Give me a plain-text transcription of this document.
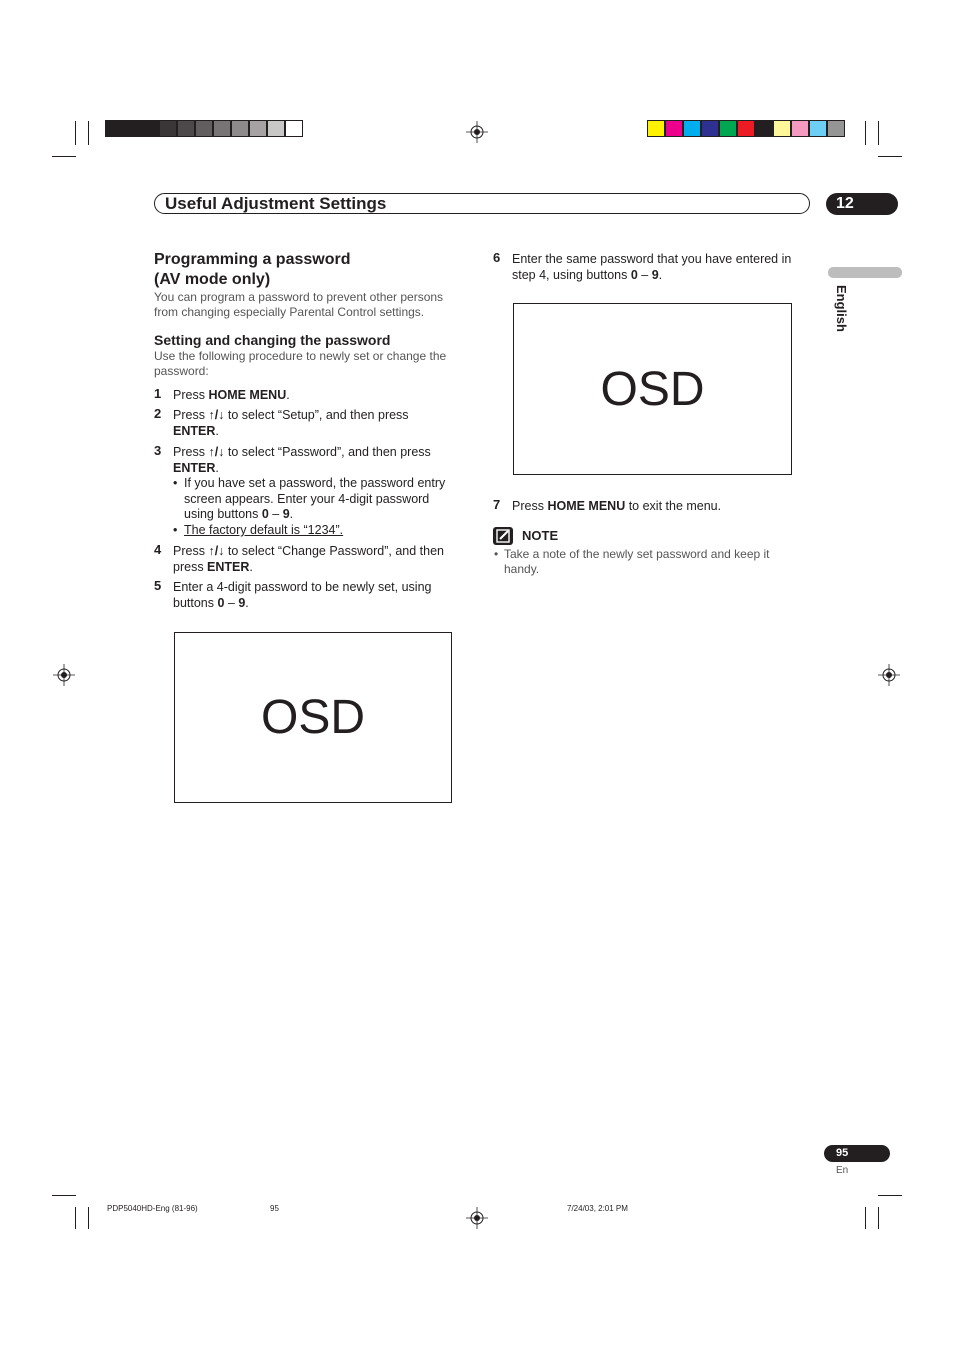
Useful Adjustment Settings	12
English
Programming a password
(AV mode only)
You can program a password to prevent other persons
from changing especially Parental Control settings.
Setting and changing the password
Use the following procedure to newly set or change the
password:
1 Press HOME MENU.
2 Press ↑/↓ to select “Setup”, and then press
ENTER.
3 Press ↑/↓ to select “Password”, and then press
ENTER.
• If you have set a password, the password entry
screen appears. Enter your 4-digit password
using buttons 0 – 9.
• The factory default is “1234”.
4 Press ↑/↓ to select “Change Password”, and then
press ENTER.
5 Enter a 4-digit password to be newly set, using
buttons 0 – 9.
OSD
6 Enter the same password that you have entered in
step 4, using buttons 0 – 9.
OSD
7 Press HOME MENU to exit the menu.
NOTE
• Take a note of the newly set password and keep it
handy.
95
En
PDP5040HD-Eng (81-96)	95	7/24/03, 2:01 PM
